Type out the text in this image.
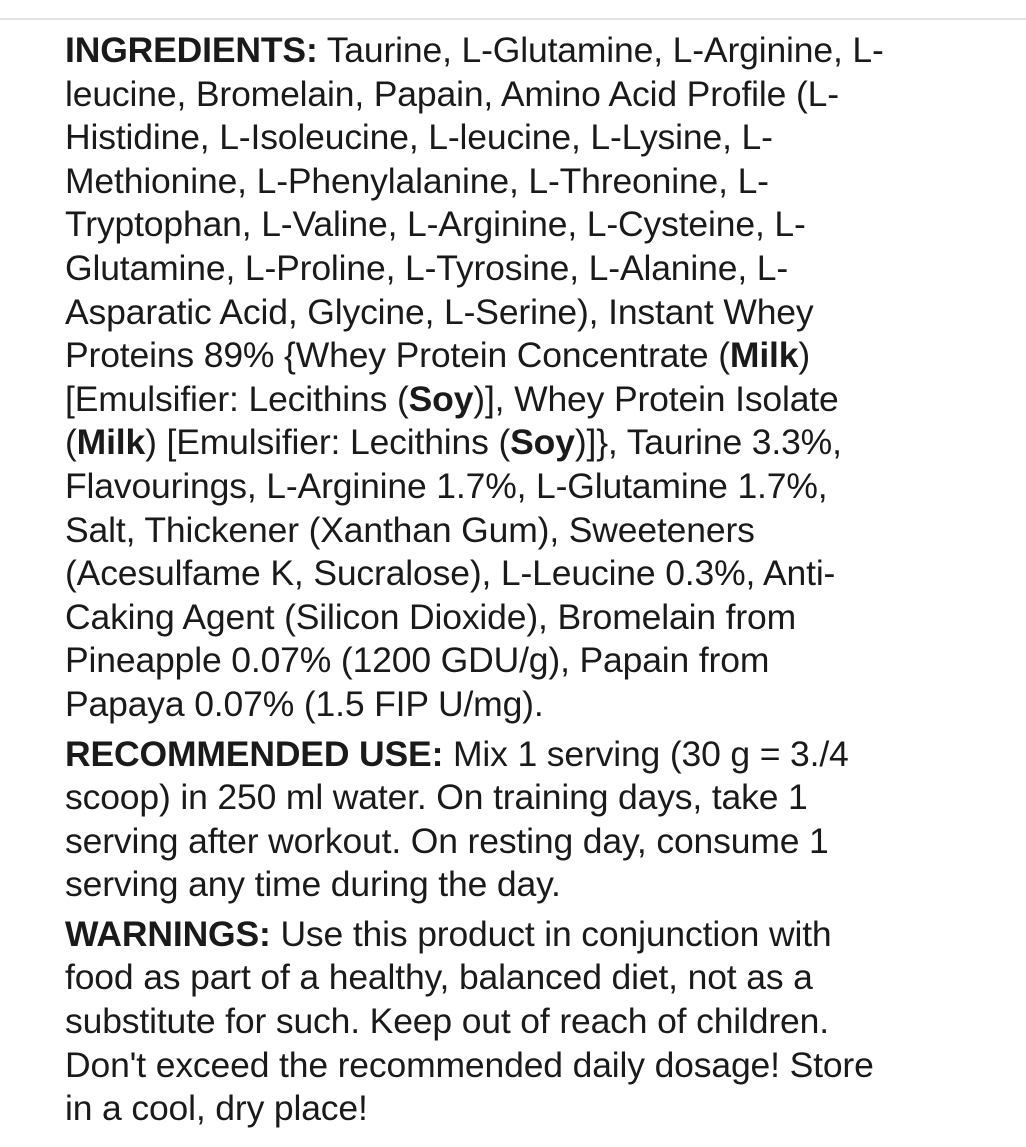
INGREDIENTS: Taurine, L-Glutamine, L-Arginine, L-
leucine, Bromelain, Papain, Amino Acid Profile (L-
Histidine, L-Isoleucine, L-leucine, L-Lysine, L-
Methionine, L-Phenylalanine, L-Threonine, L-
Tryptophan, L-Valine, L-Arginine, L-Cysteine, L-
Glutamine, L-Proline, L-Tyrosine, L-Alanine, L-
Asparatic Acid, Glycine, L-Serine), Instant Whey
Proteins 89% {Whey Protein Concentrate (Milk)
[Emulsifier: Lecithins (Soy)], Whey Protein Isolate
(Milk) [Emulsifier: Lecithins (Soy)]}, Taurine 3.3%,
Flavourings, L-Arginine 1.7%, L-Glutamine 1.7%,
Salt, Thickener (Xanthan Gum), Sweeteners
(Acesulfame K, Sucralose), L-Leucine 0.3%, Anti-
Caking Agent (Silicon Dioxide), Bromelain from
Pineapple 0.07% (1200 GDU/g), Papain from
Papaya 0.07% (1.5 FIP U/mg).
RECOMMENDED USE: Mix 1 serving (30 g = 3./4
scoop) in 250 ml water. On training days, take 1
serving after workout. On resting day, consume 1
serving any time during the day.
WARNINGS: Use this product in conjunction with
food as part of a healthy, balanced diet, not as a
substitute for such. Keep out of reach of children.
Don't exceed the recommended daily dosage! Store
in a cool, dry place!
